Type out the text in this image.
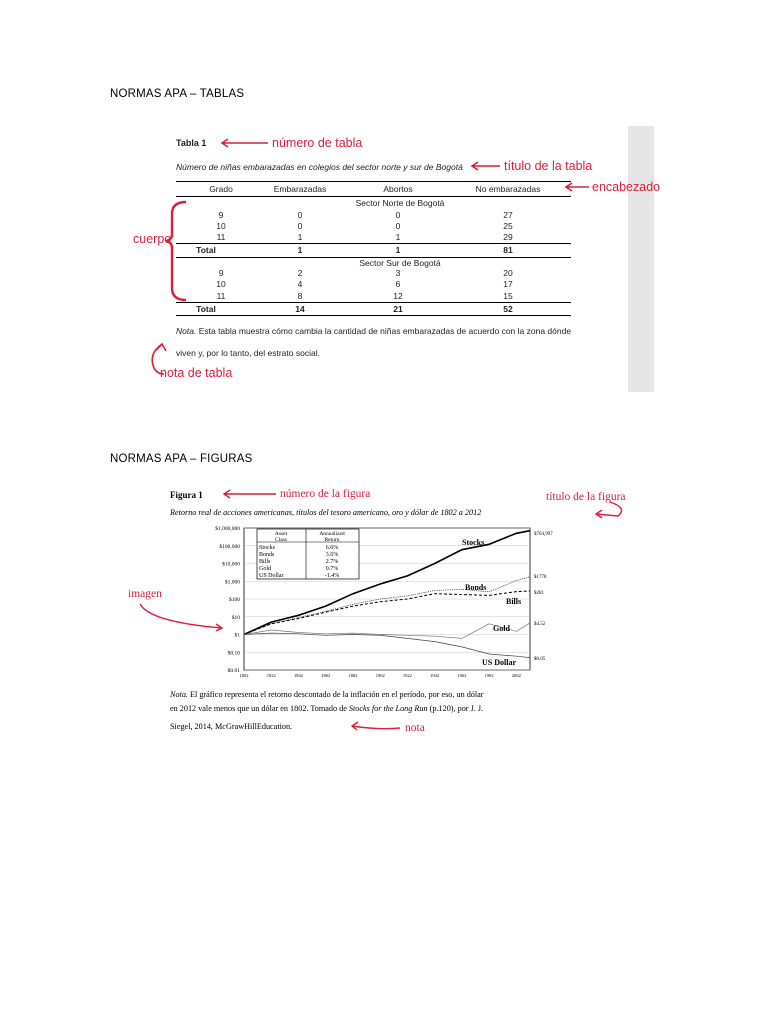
NORMAS APA – TABLAS
Tabla 1
Número de niñas embarazadas en colegios del sector norte y sur de Bogotá
Grado	Embarazadas	Abortos	No embarazadas
Sector Norte de Bogotá
9	0	0	27
10	0	0	25
11	1	1	29
Total	1	1	81
Sector Sur de Bogotá
9	2	3	20
10	4	6	17
11	8	12	15
Total	14	21	52
Nota. Esta tabla muestra cómo cambia la cantidad de niñas embarazadas de acuerdo con la zona dónde
viven y, por lo tanto, del estrato social.
número de tabla
título de la tabla
encabezado
cuerpo
nota de tabla
NORMAS APA – FIGURAS
Figura 1
Retorno real de acciones americanas, títulos del tesoro americano, oro y dólar de 1802 a 2012
número de la figura	título de la figura
imagen
nota
$1,000,000
$100,000
$10,000
$1,000
$100
$10
$1
$0.10
$0.01
1802	1822	1842	1862	1882	1902	1922	1942	1962	1982	2002
Asset
Class
Annualized
Return
Stocks	6.6%
Bonds	3.6%
Bills	2.7%
Gold	0.7%
US Dollar	-1.4%
Stocks
Bonds
Bills
Gold
US Dollar
$704,997
$1778
$281
$4.52
$0.05
Nota. El gráfico representa el retorno descontado de la inflación en el período, por eso, un dólar
en 2012 vale menos que un dólar en 1802. Tomado de Stocks for the Long Run (p.120), por J. J.
Siegel, 2014, McGrawHillEducation.
